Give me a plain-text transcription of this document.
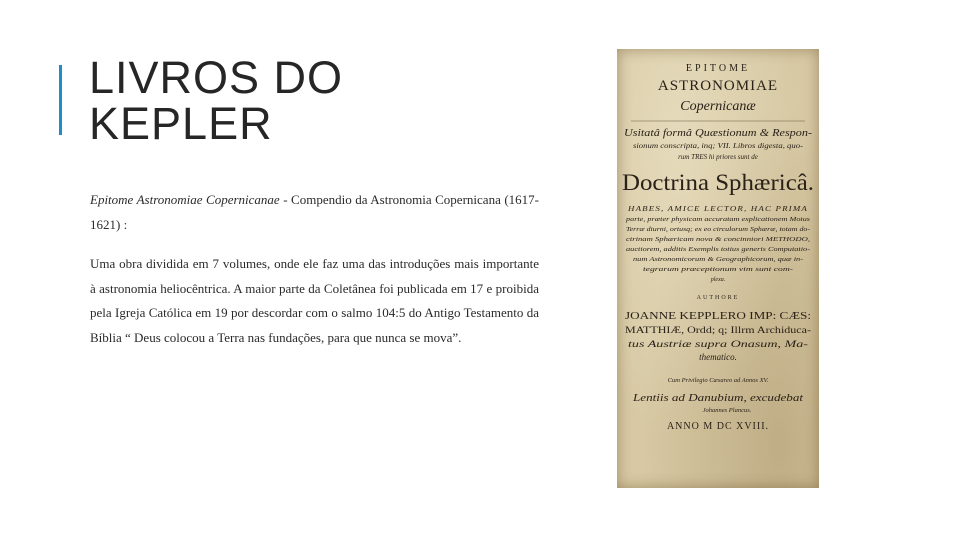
LIVROS DO
KEPLER

Epitome Astronomiae Copernicanae - Compendio da Astronomia Copernicana (1617-1621) :

Uma obra dividida em 7 volumes, onde ele faz uma das introduções mais importante à astronomia heliocêntrica. A maior parte da Coletânea foi publicada em 17 e proibida pela Igreja Católica em 19 por descordar com o salmo 104:5 do Antigo Testamento da Bíblia “ Deus colocou a Terra nas fundações, para que nunca se mova”.

EPITOME
ASTRONOMIAE
Copernicanæ
Usitatâ formâ Quæstionum & Respon-
sionum conscripta, inq; VII. Libros digesta, quo-
rum TRES hi priores sunt de
Doctrina Sphæricâ.
HABES, AMICE LECTOR, HAC PRIMA
parte, præter physicam accuratam explicationem Motus
Terræ diurni, ortusq; ex eo circulorum Sphæræ, totam do-
ctrinam Sphæricam nova & concinniori METHODO,
auctiorem, additis Exemplis totius generis Computatio-
num Astronomicorum & Geographicorum, quæ in-
tegrarum præceptionum vim sunt com-
plexa.
AUTHORE
JOANNE KEPPLERO IMP: CÆS:
MATTHIÆ, Ordd; q; Illrm Archiduca-
tus Austriæ supra Onasum, Ma-
thematico.
Cum Privilegio Cæsareo ad Annos XV.
Lentiis ad Danubium, excudebat
Johannes Plancus.
ANNO M DC XVIII.
